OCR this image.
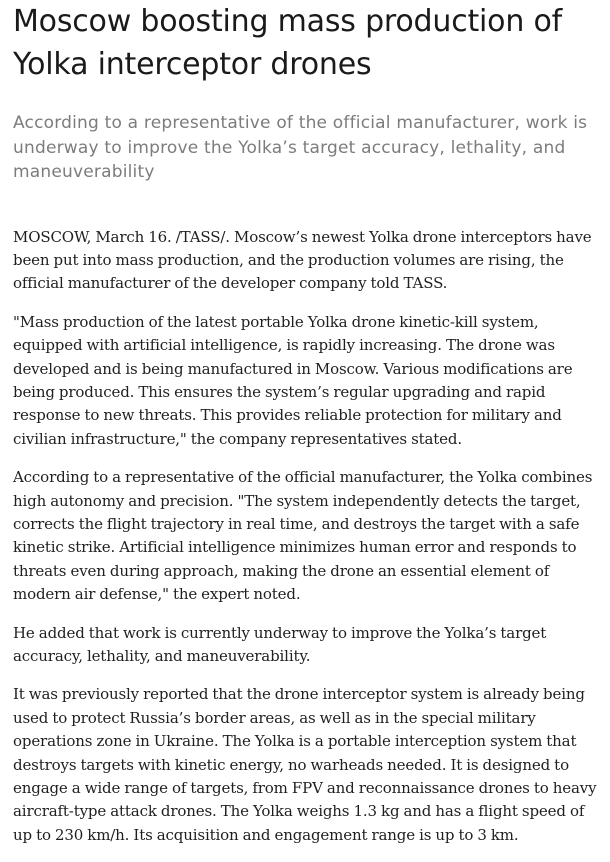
Moscow boosting mass production of Yolka interceptor drones

According to a representative of the official manufacturer, work is underway to improve the Yolka’s target accuracy, lethality, and maneuverability

MOSCOW, March 16. /TASS/. Moscow’s newest Yolka drone interceptors have been put into mass production, and the production volumes are rising, the official manufacturer of the developer company told TASS.

"Mass production of the latest portable Yolka drone kinetic-kill system, equipped with artificial intelligence, is rapidly increasing. The drone was developed and is being manufactured in Moscow. Various modifications are being produced. This ensures the system’s regular upgrading and rapid response to new threats. This provides reliable protection for military and civilian infrastructure," the company representatives stated.

According to a representative of the official manufacturer, the Yolka combines high autonomy and precision. "The system independently detects the target, corrects the flight trajectory in real time, and destroys the target with a safe kinetic strike. Artificial intelligence minimizes human error and responds to threats even during approach, making the drone an essential element of modern air defense," the expert noted.

He added that work is currently underway to improve the Yolka’s target accuracy, lethality, and maneuverability.

It was previously reported that the drone interceptor system is already being used to protect Russia’s border areas, as well as in the special military operations zone in Ukraine. The Yolka is a portable interception system that destroys targets with kinetic energy, no warheads needed. It is designed to engage a wide range of targets, from FPV and reconnaissance drones to heavy aircraft-type attack drones. The Yolka weighs 1.3 kg and has a flight speed of up to 230 km/h. Its acquisition and engagement range is up to 3 km.
